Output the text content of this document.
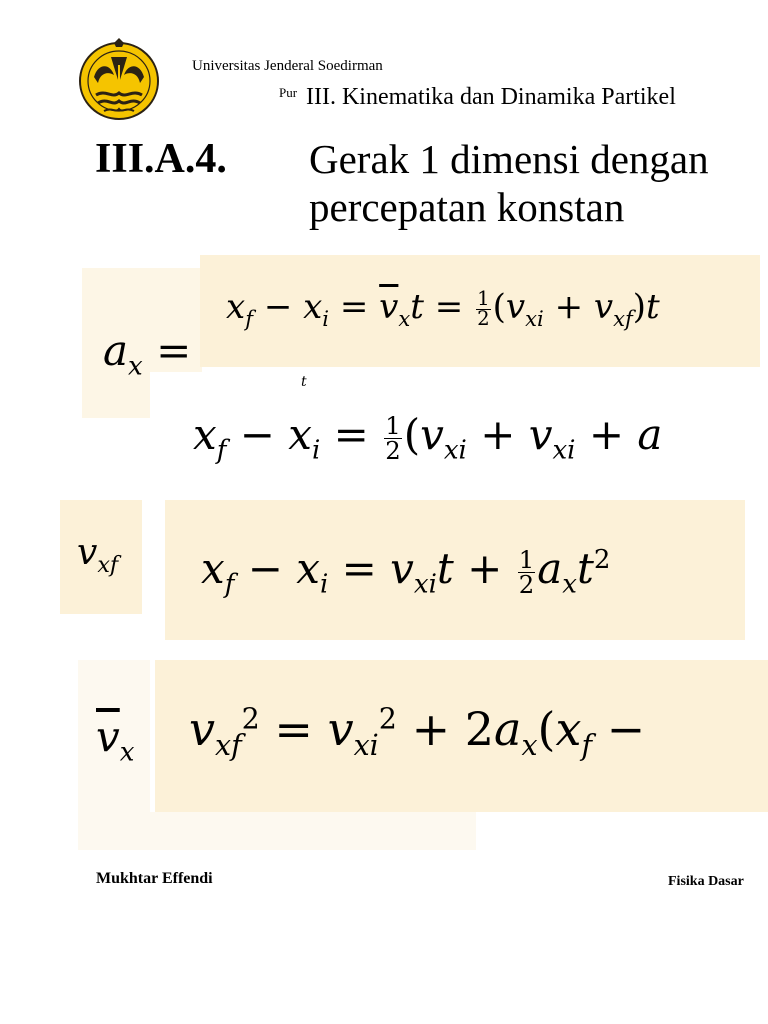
Universitas Jenderal Soedirman
Pur III. Kinematika dan Dinamika Partikel
III.A.4. Gerak 1 dimensi dengan
percepatan konstan
$a_x$ =
$x_f - x_i = \overline{v}_xt = \frac{1}{2} (v_{xi} + v_{xf})t$
t
$x_f - x_i = \frac{1}{2} (v_{xi} + v_{xi} + a$
$v_{xf}$ $x_f - x_i = v_{xi}t + \frac{1}{2} a_xt^2$
$\overline{v}_x$ $v_{xf}^2 = v_{xi}^2 + 2a_x(x_f$ −
Mukhtar Effendi	Fisika Dasar
